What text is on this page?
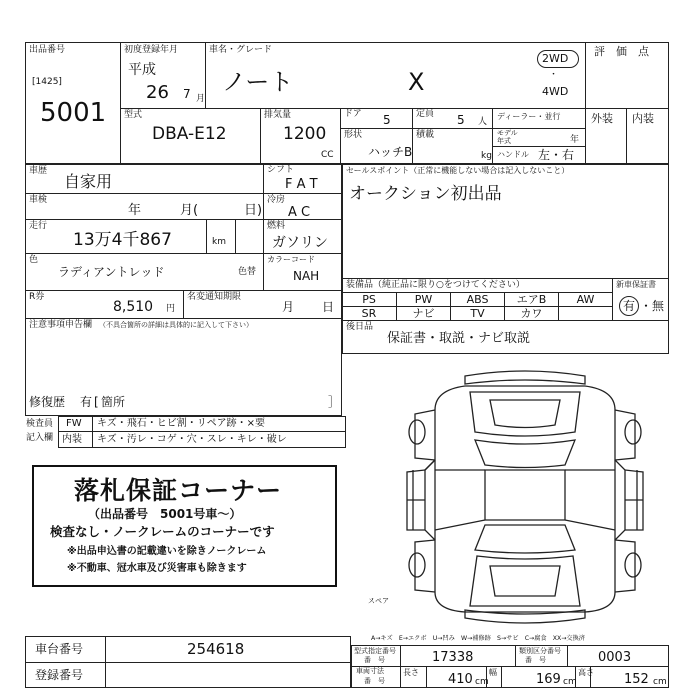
出品番号
[1425]
5001
初度登録年月
平成
26 7 月
車名・グレード
ノート	X
2WD
・
4WD
評　価　点
外装 内装
型式
DBA-E12
排気量
1200
CC
ドア 5	定員 5 人
形状
ハッチB
積載
kg
ディーラー・並行
モデル
年式	年
ハンドル 左・右
車歴
自家用
シフト
F A T
車検
年	月(	日)
冷房
A C
走行
13万4千867	km
燃料
ガソリン
色
ラディアントレッド	色替
カラーコード
NAH
R券
8,510 円
名変通知期限
月 日
注意事項申告欄 （不具合箇所の詳細は具体的に記入して下さい）
修復歴 有 [ 箇所	］
セールスポイント（正常に機能しない場合は記入しないこと）
オークション初出品
装備品（純正品に限り○をつけてください）
PS	PW	ABS	エアB	AW
SR	ナビ	TV	カワ
新車保証書
有 ・ 無
後日品
保証書・取説・ナビ取説
検査員
記入欄
FW キズ・飛石・ヒビ割・リペア跡・×要
内装 キズ・汚レ・コゲ・穴・スレ・キレ・破レ
落札保証コーナー
（出品番号　5001号車～）
検査なし・ノークレームのコーナーです
※出品申込書の記載違いを除きノークレーム
※不動車、冠水車及び災害車も除きます
スペア
A→キズ　E→エクボ　U→凹み　W→補修跡　S→サビ　C→腐食　XX→交換済
車台番号	254618
登録番号
型式指定番号
番　号	17338	類別区分番号
番　号	0003
車両寸法
番　号
長さ 410 cm
幅	169 cm
高さ 152 cm
